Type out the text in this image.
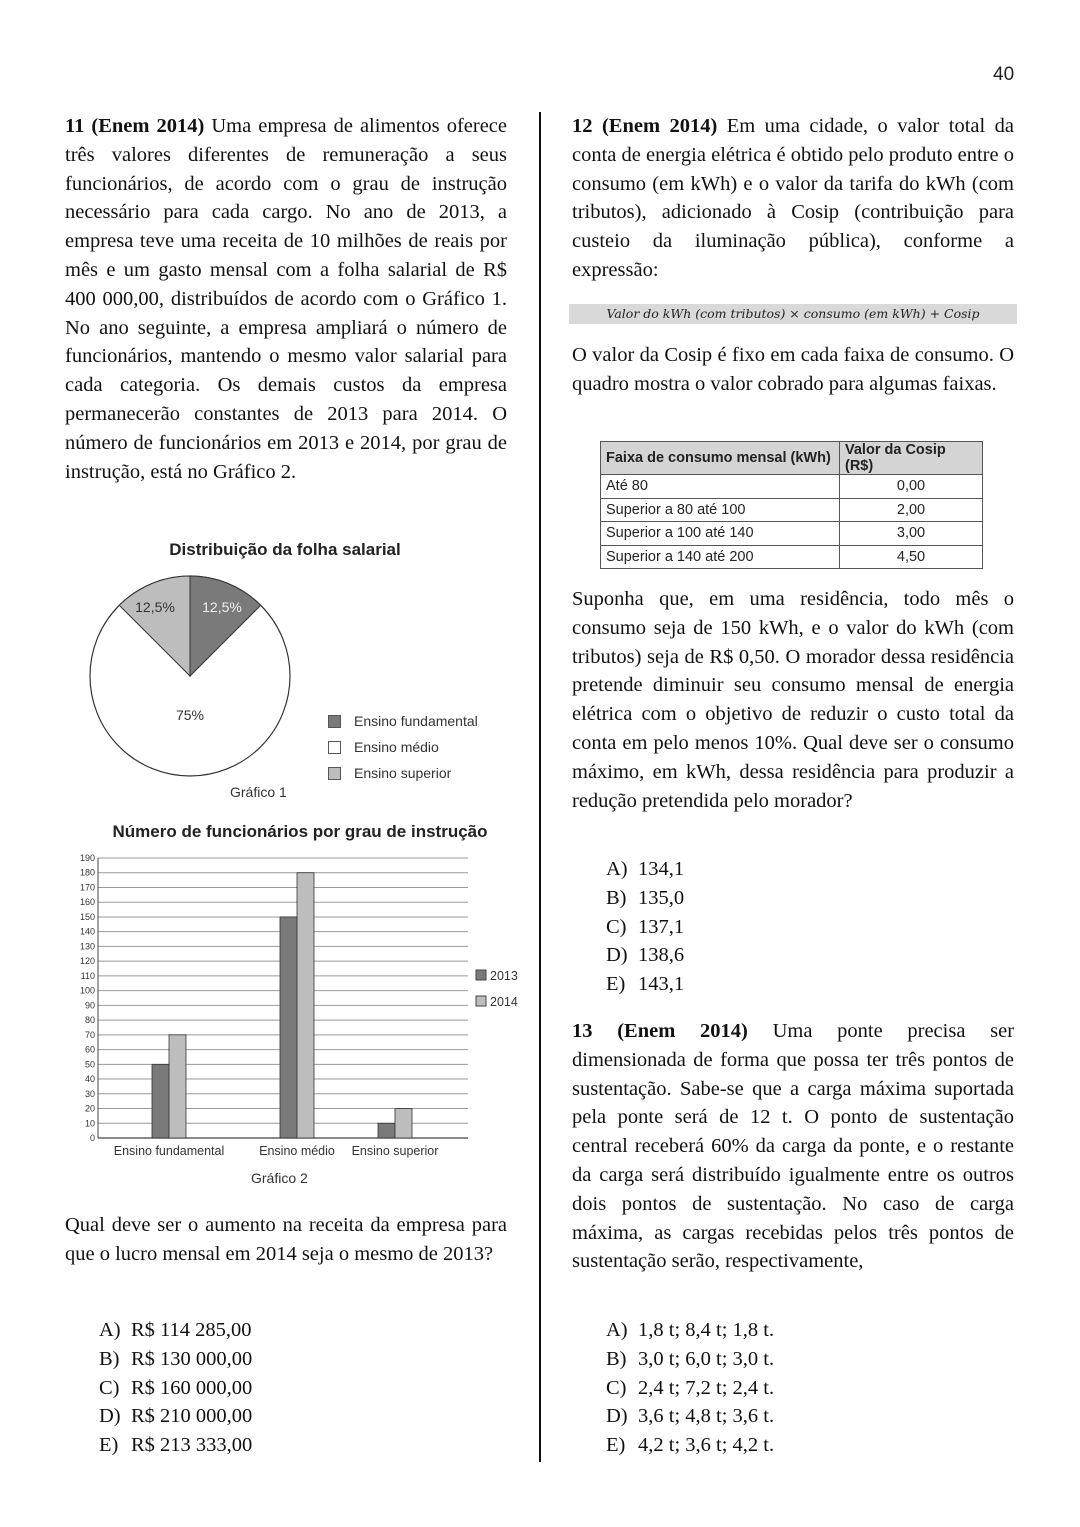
40

11 (Enem 2014) Uma empresa de alimentos oferece três valores diferentes de remuneração a seus funcionários, de acordo com o grau de instrução necessário para cada cargo. No ano de 2013, a empresa teve uma receita de 10 milhões de reais por mês e um gasto mensal com a folha salarial de R$ 400 000,00, distribuídos de acordo com o Gráfico 1. No ano seguinte, a empresa ampliará o número de funcionários, mantendo o mesmo valor salarial para cada categoria. Os demais custos da empresa permanecerão constantes de 2013 para 2014. O número de funcionários em 2013 e 2014, por grau de instrução, está no Gráfico 2.

Distribuição da folha salarial
12,5%
12,5%
75%	Ensino fundamental
Ensino médio
Ensino superior
Gráfico 1
Número de funcionários por grau de instrução
0
10
20
30
40
50
60
70
80
90
100
110
120
130
140
150
160
170
180
190
Ensino fundamental	Ensino médio Ensino superior
2013
2014
Gráfico 2

Qual deve ser o aumento na receita da empresa para que o lucro mensal em 2014 seja o mesmo de 2013?

A) R$ 114 285,00
B) R$ 130 000,00
C) R$ 160 000,00
D) R$ 210 000,00
E) R$ 213 333,00

12 (Enem 2014) Em uma cidade, o valor total da conta de energia elétrica é obtido pelo produto entre o consumo (em kWh) e o valor da tarifa do kWh (com tributos), adicionado à Cosip (contribuição para custeio da iluminação pública), conforme a expressão:

Valor do kWh (com tributos) × consumo (em kWh) + Cosip

O valor da Cosip é fixo em cada faixa de consumo. O quadro mostra o valor cobrado para algumas faixas.

Faixa de consumo mensal (kWh)	Valor da Cosip (R$)
Até 80	0,00
Superior a 80 até 100	2,00
Superior a 100 até 140	3,00
Superior a 140 até 200	4,50

Suponha que, em uma residência, todo mês o consumo seja de 150 kWh, e o valor do kWh (com tributos) seja de R$ 0,50. O morador dessa residência pretende diminuir seu consumo mensal de energia elétrica com o objetivo de reduzir o custo total da conta em pelo menos 10%. Qual deve ser o consumo máximo, em kWh, dessa residência para produzir a redução pretendida pelo morador?

A) 134,1
B) 135,0
C) 137,1
D) 138,6
E) 143,1

13 (Enem 2014) Uma ponte precisa ser dimensionada de forma que possa ter três pontos de sustentação. Sabe-se que a carga máxima suportada pela ponte será de 12 t. O ponto de sustentação central receberá 60% da carga da ponte, e o restante da carga será distribuído igualmente entre os outros dois pontos de sustentação. No caso de carga máxima, as cargas recebidas pelos três pontos de sustentação serão, respectivamente,

A) 1,8 t; 8,4 t; 1,8 t.
B) 3,0 t; 6,0 t; 3,0 t.
C) 2,4 t; 7,2 t; 2,4 t.
D) 3,6 t; 4,8 t; 3,6 t.
E) 4,2 t; 3,6 t; 4,2 t.
